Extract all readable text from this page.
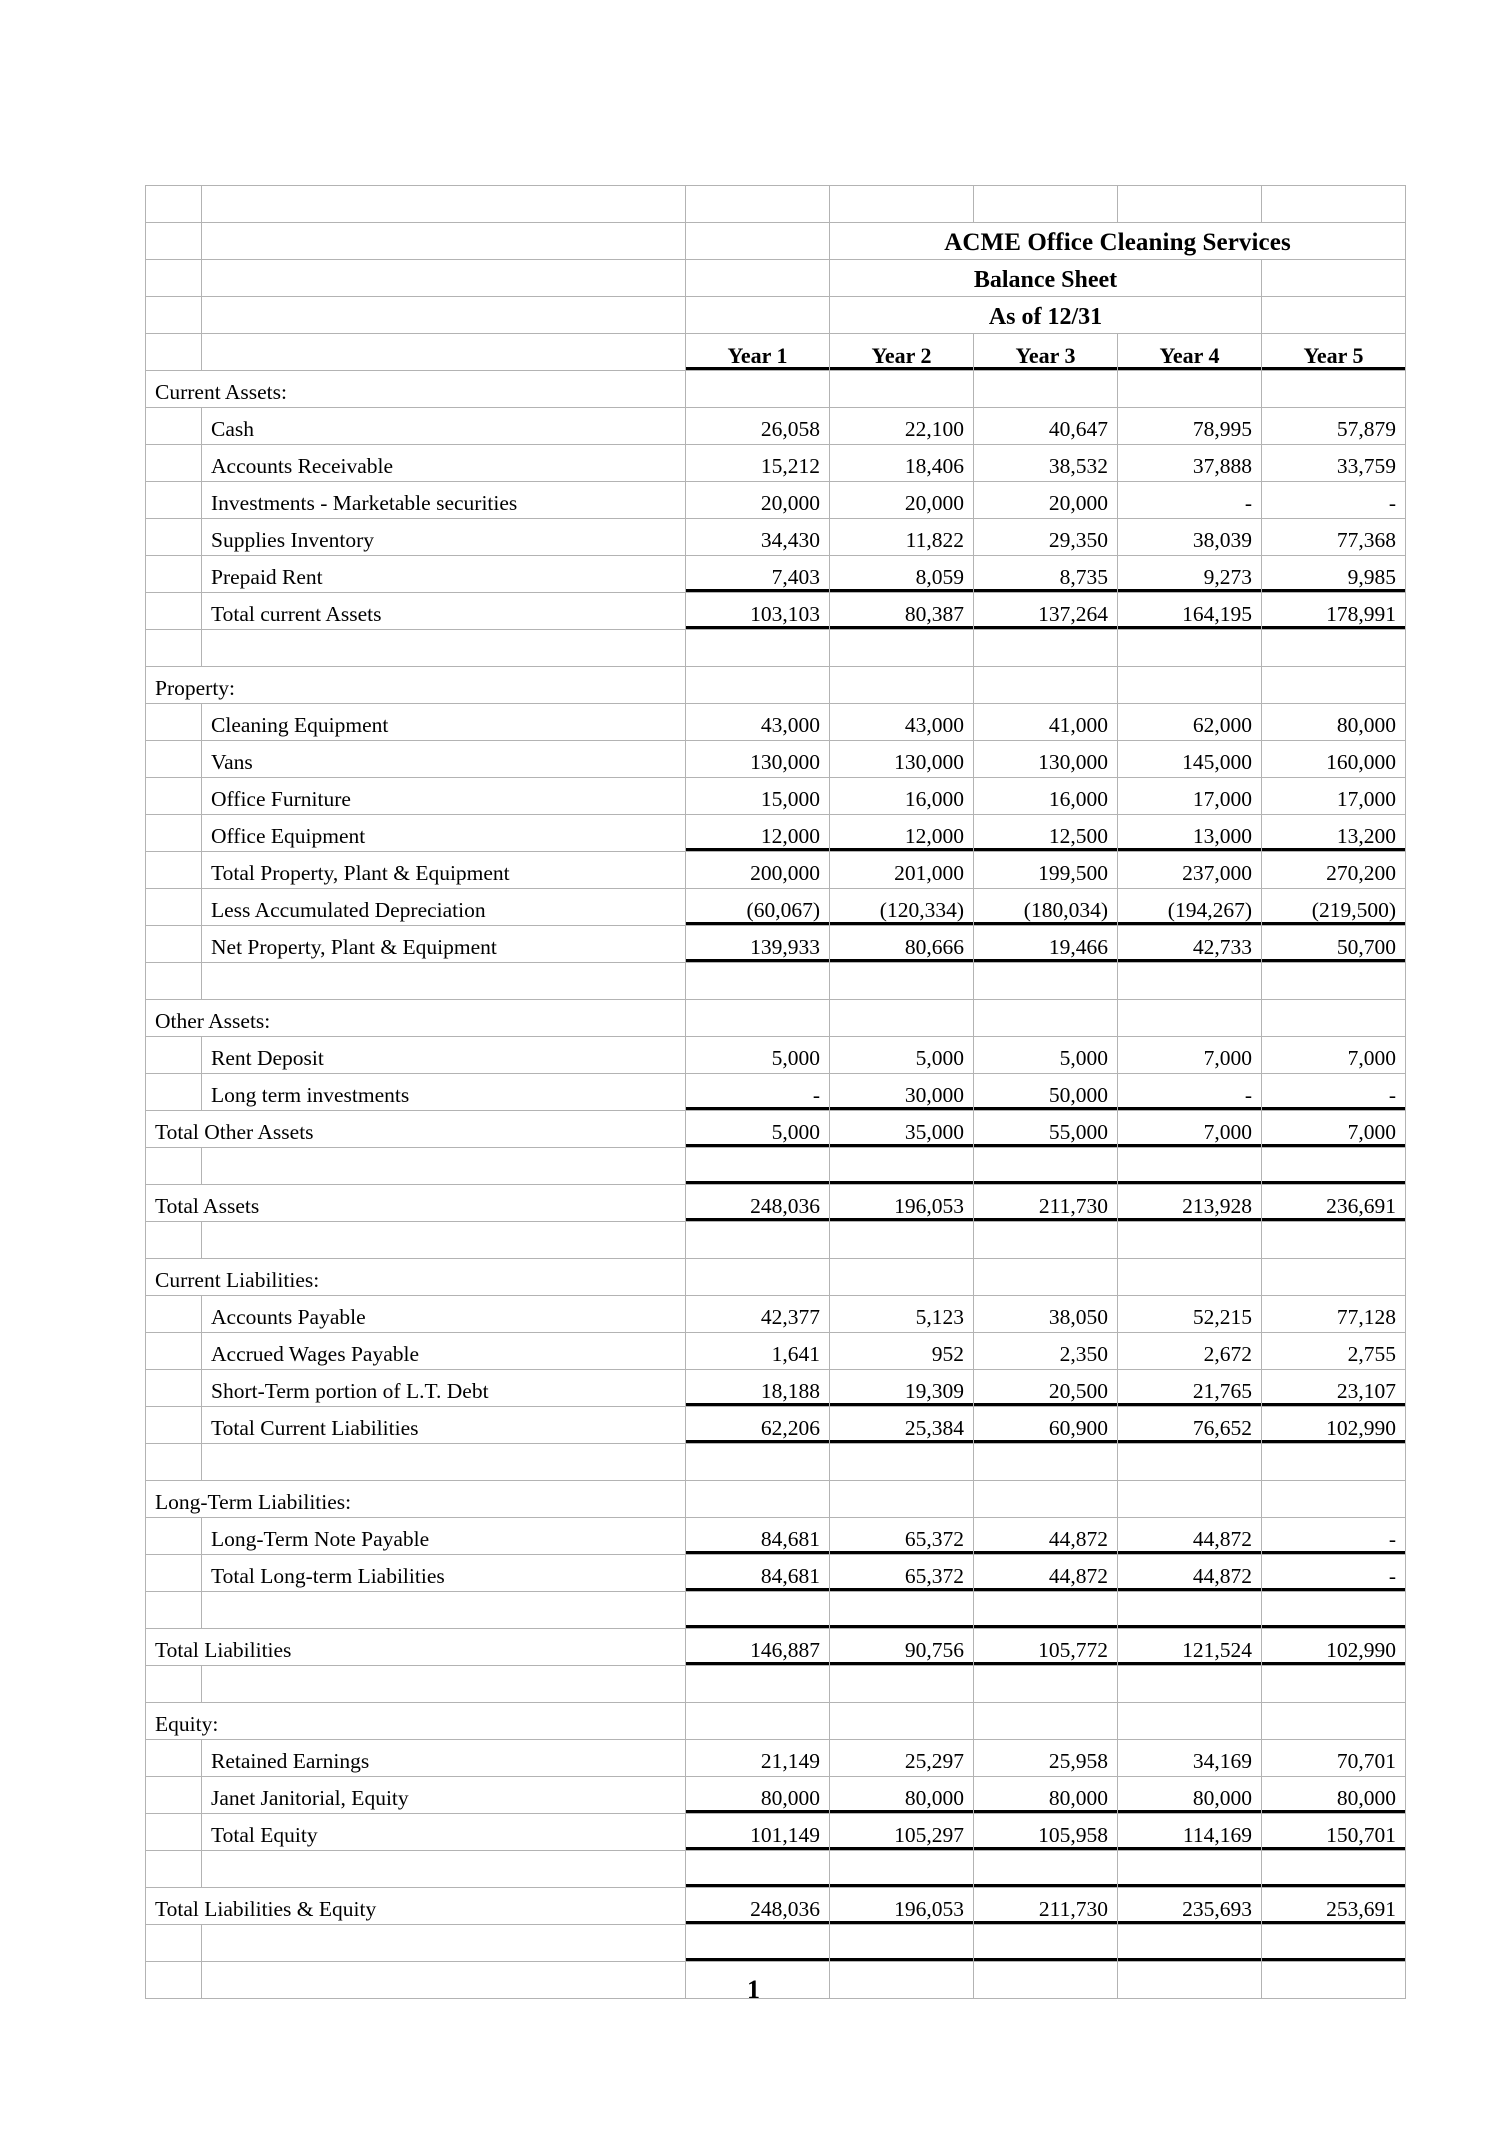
			ACME Office Cleaning Services			
			Balance Sheet			
			As of 12/31			
		Year 1	Year 2	Year 3	Year 4	Year 5
Current Assets:						
	Cash	26,058	22,100	40,647	78,995	57,879
	Accounts Receivable	15,212	18,406	38,532	37,888	33,759
	Investments - Marketable securities	20,000	20,000	20,000	-	-
	Supplies Inventory	34,430	11,822	29,350	38,039	77,368
	Prepaid Rent	7,403	8,059	8,735	9,273	9,985
	Total current Assets	103,103	80,387	137,264	164,195	178,991

Property:						
	Cleaning Equipment	43,000	43,000	41,000	62,000	80,000
	Vans	130,000	130,000	130,000	145,000	160,000
	Office Furniture	15,000	16,000	16,000	17,000	17,000
	Office Equipment	12,000	12,000	12,500	13,000	13,200
	Total Property, Plant & Equipment	200,000	201,000	199,500	237,000	270,200
	Less Accumulated Depreciation	(60,067)	(120,334)	(180,034)	(194,267)	(219,500)
	Net Property, Plant & Equipment	139,933	80,666	19,466	42,733	50,700

Other Assets:						
	Rent Deposit	5,000	5,000	5,000	7,000	7,000
	Long term investments	-	30,000	50,000	-	-
Total Other Assets		5,000	35,000	55,000	7,000	7,000

Total Assets		248,036	196,053	211,730	213,928	236,691

Current Liabilities:						
	Accounts Payable	42,377	5,123	38,050	52,215	77,128
	Accrued Wages Payable	1,641	952	2,350	2,672	2,755
	Short-Term portion of L.T. Debt	18,188	19,309	20,500	21,765	23,107
	Total Current Liabilities	62,206	25,384	60,900	76,652	102,990

Long-Term Liabilities:						
	Long-Term Note Payable	84,681	65,372	44,872	44,872	-
	Total Long-term Liabilities	84,681	65,372	44,872	44,872	-

Total Liabilities		146,887	90,756	105,772	121,524	102,990

Equity:						
	Retained Earnings	21,149	25,297	25,958	34,169	70,701
	Janet Janitorial, Equity	80,000	80,000	80,000	80,000	80,000
	Total Equity	101,149	105,297	105,958	114,169	150,701

Total Liabilities & Equity		248,036	196,053	211,730	235,693	253,691

1
